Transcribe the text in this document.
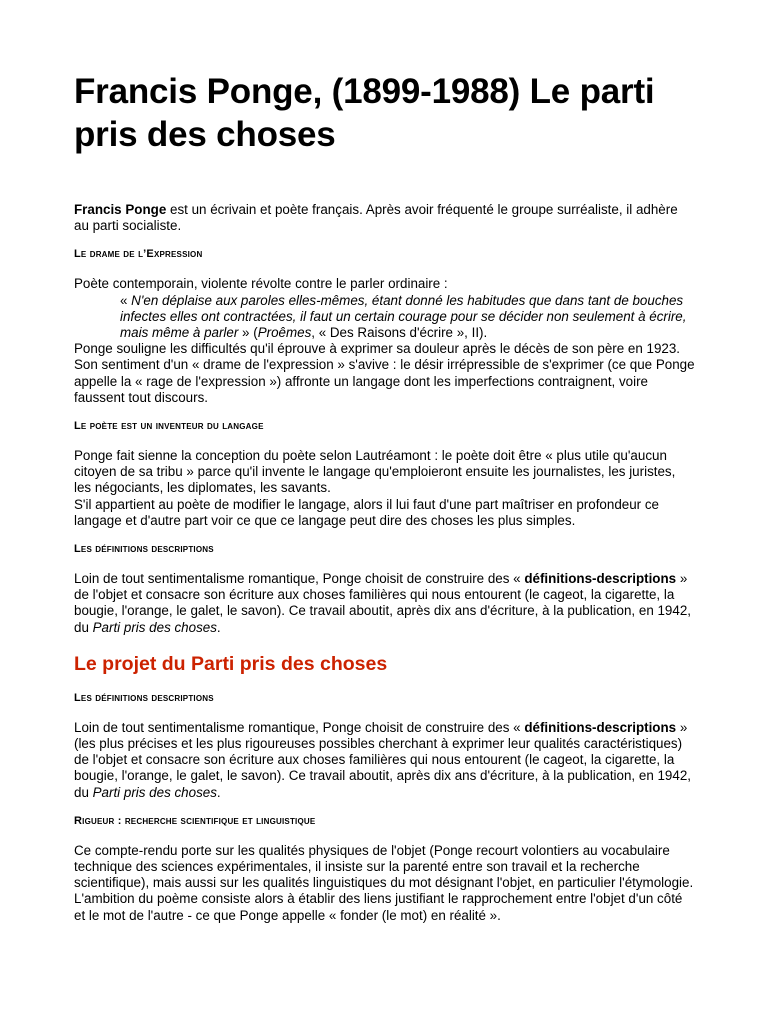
Francis Ponge, (1899-1988) Le parti pris des choses

Francis Ponge est un écrivain et poète français. Après avoir fréquenté le groupe surréaliste, il adhère au parti socialiste.

Le drame de l’Expression

Poète contemporain, violente révolte contre le parler ordinaire :

« N'en déplaise aux paroles elles-mêmes, étant donné les habitudes que dans tant de bouches infectes elles ont contractées, il faut un certain courage pour se décider non seulement à écrire, mais même à parler » (Proêmes, « Des Raisons d'écrire », II).

Ponge souligne les difficultés qu'il éprouve à exprimer sa douleur après le décès de son père en 1923. Son sentiment d'un « drame de l'expression » s'avive : le désir irrépressible de s'exprimer (ce que Ponge appelle la « rage de l'expression ») affronte un langage dont les imperfections contraignent, voire faussent tout discours.

Le poète est un inventeur du langage

Ponge fait sienne la conception du poète selon Lautréamont : le poète doit être « plus utile qu'aucun citoyen de sa tribu » parce qu'il invente le langage qu'emploieront ensuite les journalistes, les juristes, les négociants, les diplomates, les savants.

S'il appartient au poète de modifier le langage, alors il lui faut d'une part maîtriser en profondeur ce langage et d'autre part voir ce que ce langage peut dire des choses les plus simples.

Les définitions descriptions

Loin de tout sentimentalisme romantique, Ponge choisit de construire des « définitions-descriptions » de l'objet et consacre son écriture aux choses familières qui nous entourent (le cageot, la cigarette, la bougie, l'orange, le galet, le savon). Ce travail aboutit, après dix ans d'écriture, à la publication, en 1942, du Parti pris des choses.

Le projet du Parti pris des choses
Les définitions descriptions

Loin de tout sentimentalisme romantique, Ponge choisit de construire des « définitions-descriptions » (les plus précises et les plus rigoureuses possibles cherchant à exprimer leur qualités caractéristiques) de l'objet et consacre son écriture aux choses familières qui nous entourent (le cageot, la cigarette, la bougie, l'orange, le galet, le savon). Ce travail aboutit, après dix ans d'écriture, à la publication, en 1942, du Parti pris des choses.

Rigueur : recherche scientifique et linguistique

Ce compte-rendu porte sur les qualités physiques de l'objet (Ponge recourt volontiers au vocabulaire technique des sciences expérimentales, il insiste sur la parenté entre son travail et la recherche scientifique), mais aussi sur les qualités linguistiques du mot désignant l'objet, en particulier l'étymologie.

L'ambition du poème consiste alors à établir des liens justifiant le rapprochement entre l'objet d'un côté et le mot de l'autre - ce que Ponge appelle « fonder (le mot) en réalité ».
